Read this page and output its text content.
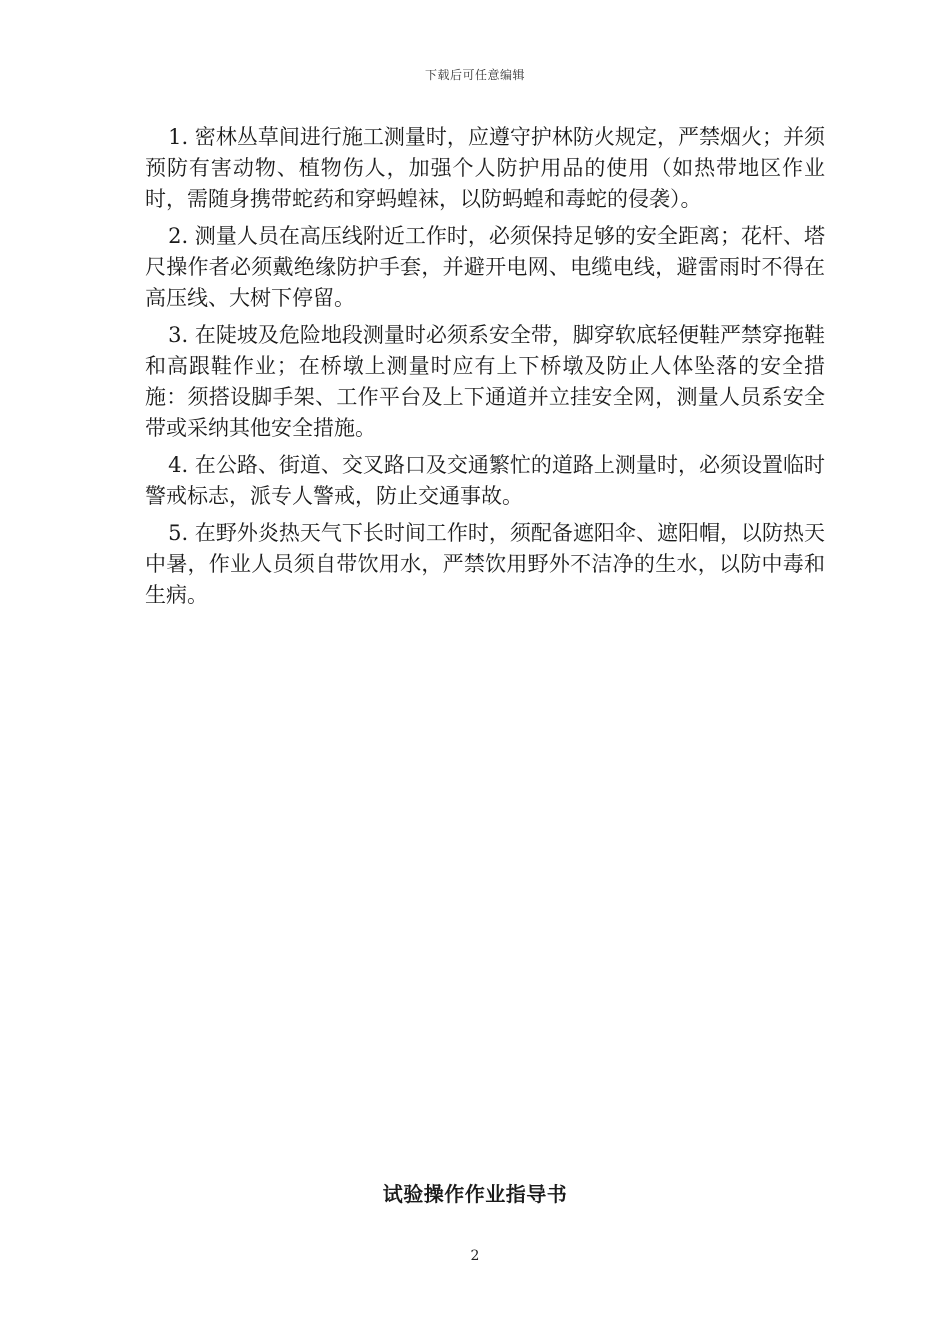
下载后可任意编辑

1. 密林丛草间进行施工测量时，应遵守护林防火规定，严禁烟火；并须预防有害动物、植物伤人，加强个人防护用品的使用（如热带地区作业时，需随身携带蛇药和穿蚂蝗袜，以防蚂蝗和毒蛇的侵袭）。

2. 测量人员在高压线附近工作时，必须保持足够的安全距离；花杆、塔尺操作者必须戴绝缘防护手套，并避开电网、电缆电线，避雷雨时不得在高压线、大树下停留。

3. 在陡坡及危险地段测量时必须系安全带，脚穿软底轻便鞋严禁穿拖鞋和高跟鞋作业；在桥墩上测量时应有上下桥墩及防止人体坠落的安全措施：须搭设脚手架、工作平台及上下通道并立挂安全网，测量人员系安全带或采纳其他安全措施。

4. 在公路、街道、交叉路口及交通繁忙的道路上测量时，必须设置临时警戒标志，派专人警戒，防止交通事故。

5. 在野外炎热天气下长时间工作时，须配备遮阳伞、遮阳帽，以防热天中暑，作业人员须自带饮用水，严禁饮用野外不洁净的生水，以防中毒和生病。

试验操作作业指导书
2
